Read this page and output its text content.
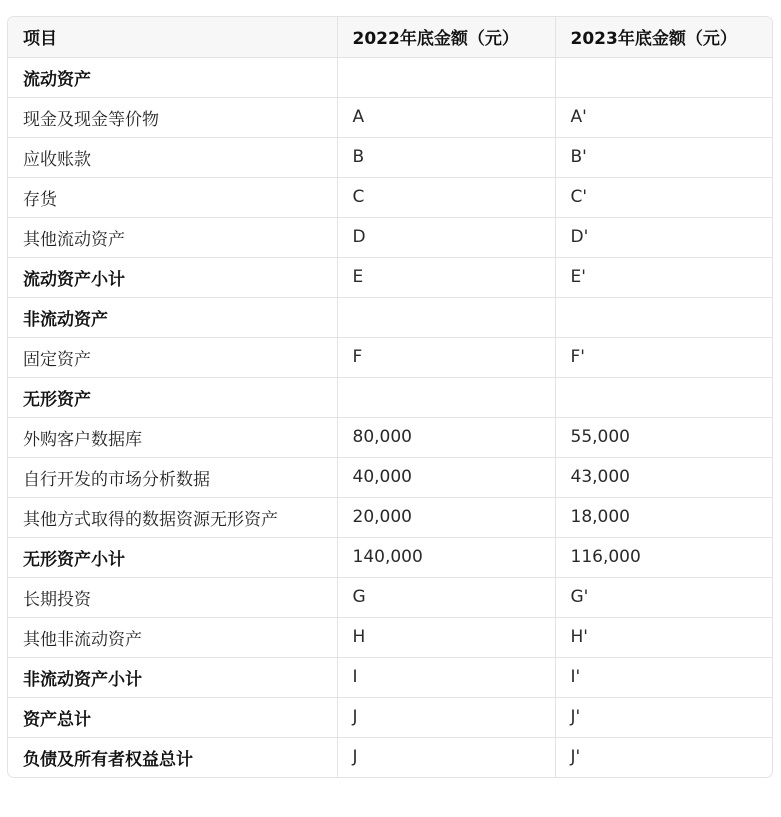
项目	2022年底金额（元）	2023年底金额（元）
流动资产		
现金及现金等价物	A	A'
应收账款	B	B'
存货	C	C'
其他流动资产	D	D'
流动资产小计	E	E'
非流动资产		
固定资产	F	F'
无形资产		
外购客户数据库	80,000	55,000
自行开发的市场分析数据	40,000	43,000
其他方式取得的数据资源无形资产	20,000	18,000
无形资产小计	140,000	116,000
长期投资	G	G'
其他非流动资产	H	H'
非流动资产小计	I	I'
资产总计	J	J'
负债及所有者权益总计	J	J'
